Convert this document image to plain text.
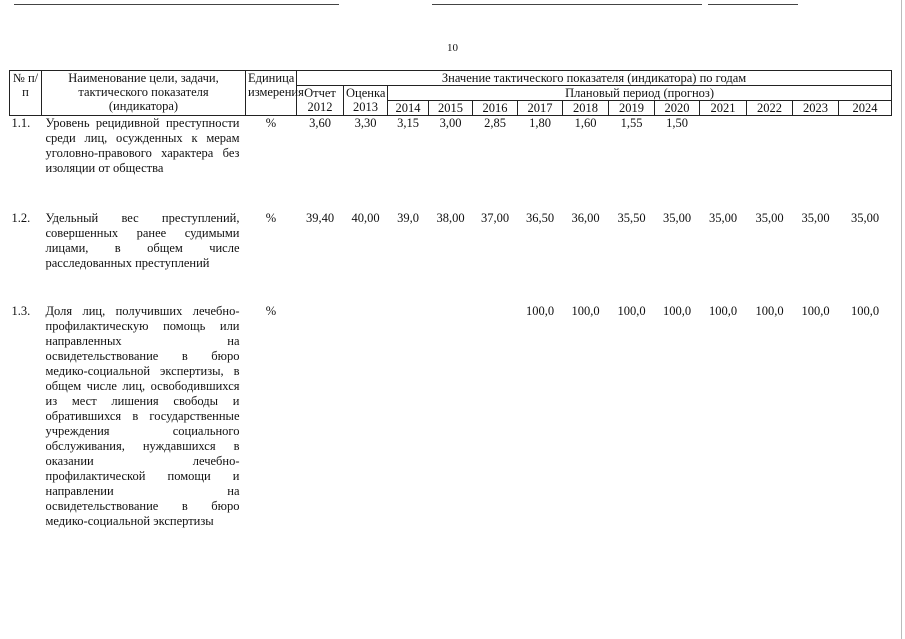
10
№ п/п	Наименование цели, задачи, тактического показателя (индикатора)	Единица измерения	Значение тактического показателя (индикатора) по годам												
			Отчет 2012	Оценка 2013	Плановый период (прогноз)										
					2014	2015	2016	2017	2018	2019	2020	2021	2022	2023	2024
1.1.	Уровень рецидивной преступности среди лиц, осужденных к мерам уголовно-правового характера без изоляции от общества	%	3,60	3,30	3,15	3,00	2,85	1,80	1,60	1,55	1,50				
1.2.	Удельный вес преступлений, совершенных ранее судимыми лицами, в общем числе расследованных преступлений	%	39,40	40,00	39,0	38,00	37,00	36,50	36,00	35,50	35,00	35,00	35,00	35,00	35,00
1.3.	Доля лиц, получивших лечебно-профилактическую помощь или направленных на освидетельствование в бюро медико-социальной экспертизы, в общем числе лиц, освободившихся из мест лишения свободы и обратившихся в государственные учреждения социального обслуживания, нуждавшихся в оказании лечебно-профилактической помощи и направлении на освидетельствование в бюро медико-социальной экспертизы	%						100,0	100,0	100,0	100,0	100,0	100,0	100,0	100,0
